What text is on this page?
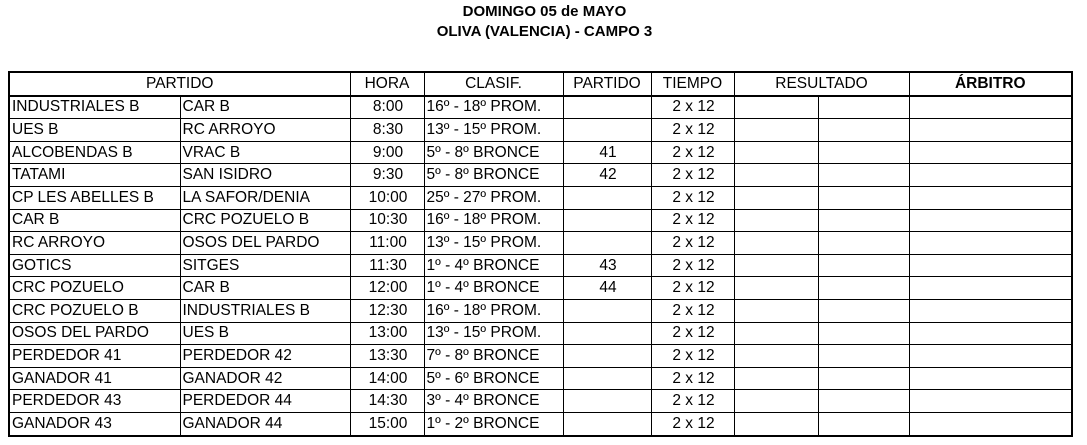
DOMINGO 05 de MAYO
OLIVA (VALENCIA) - CAMPO 3
PARTIDO		HORA	CLASIF.	PARTIDO	TIEMPO	RESULTADO		ÁRBITRO
INDUSTRIALES B	CAR B	8:00	16º - 18º PROM.		2 x 12			
UES B	RC ARROYO	8:30	13º - 15º PROM.		2 x 12			
ALCOBENDAS B	VRAC B	9:00	5º - 8º BRONCE	41	2 x 12			
TATAMI	SAN ISIDRO	9:30	5º - 8º BRONCE	42	2 x 12			
CP LES ABELLES B	LA SAFOR/DENIA	10:00	25º - 27º PROM.		2 x 12			
CAR B	CRC POZUELO B	10:30	16º - 18º PROM.		2 x 12			
RC ARROYO	OSOS DEL PARDO	11:00	13º - 15º PROM.		2 x 12			
GOTICS	SITGES	11:30	1º - 4º BRONCE	43	2 x 12			
CRC POZUELO	CAR B	12:00	1º - 4º BRONCE	44	2 x 12			
CRC POZUELO B	INDUSTRIALES B	12:30	16º - 18º PROM.		2 x 12			
OSOS DEL PARDO	UES B	13:00	13º - 15º PROM.		2 x 12			
PERDEDOR 41	PERDEDOR 42	13:30	7º - 8º BRONCE		2 x 12			
GANADOR 41	GANADOR 42	14:00	5º - 6º BRONCE		2 x 12			
PERDEDOR 43	PERDEDOR 44	14:30	3º - 4º BRONCE		2 x 12			
GANADOR 43	GANADOR 44	15:00	1º - 2º BRONCE		2 x 12			
